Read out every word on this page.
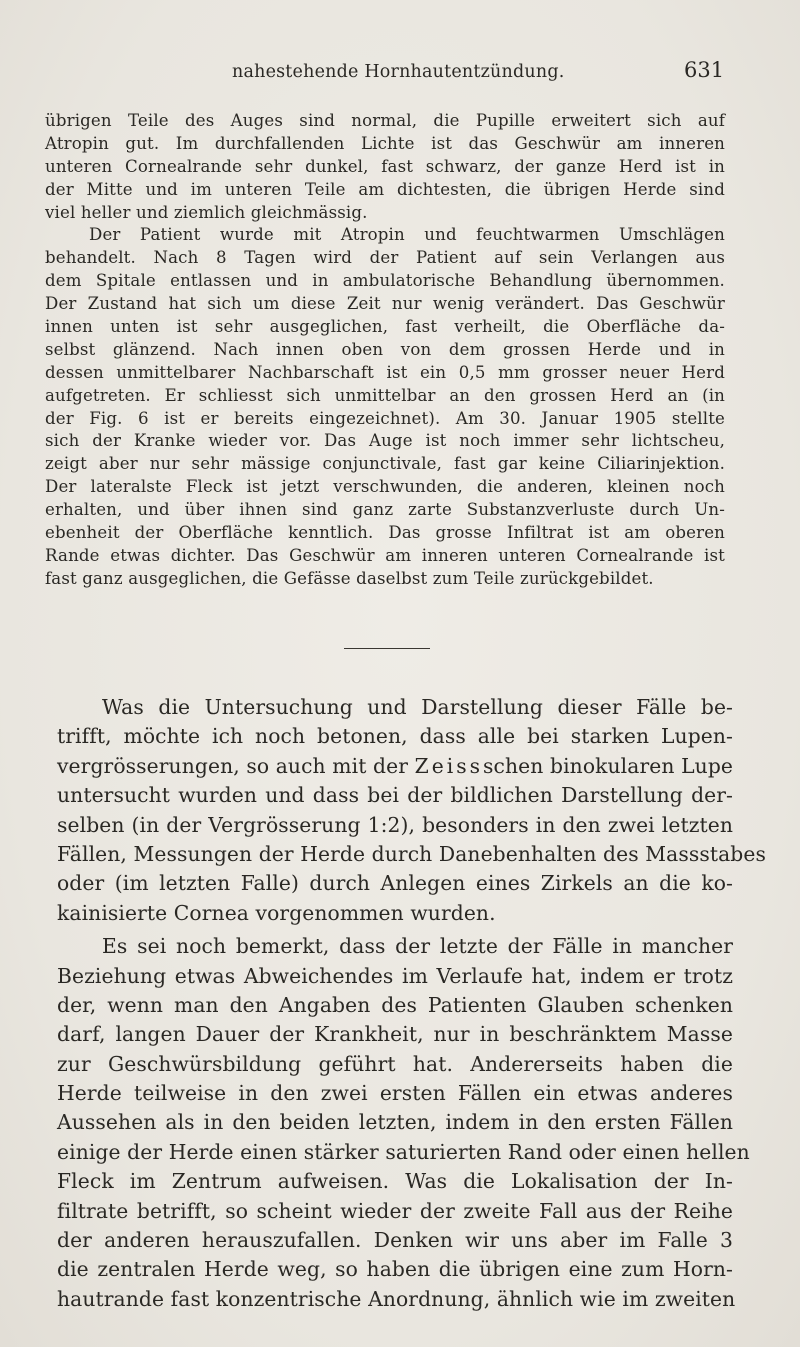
nahestehende Hornhautentzündung.	631
übrigen Teile des Auges sind normal, die Pupille erweitert sich auf
Atropin gut. Im durchfallenden Lichte ist das Geschwür am inneren
unteren Cornealrande sehr dunkel, fast schwarz, der ganze Herd ist in
der Mitte und im unteren Teile am dichtesten, die übrigen Herde sind
viel heller und ziemlich gleichmässig.
Der Patient wurde mit Atropin und feuchtwarmen Umschlägen
behandelt. Nach 8 Tagen wird der Patient auf sein Verlangen aus
dem Spitale entlassen und in ambulatorische Behandlung übernommen.
Der Zustand hat sich um diese Zeit nur wenig verändert. Das Geschwür
innen unten ist sehr ausgeglichen, fast verheilt, die Oberfläche da-
selbst glänzend. Nach innen oben von dem grossen Herde und in
dessen unmittelbarer Nachbarschaft ist ein 0,5 mm grosser neuer Herd
aufgetreten. Er schliesst sich unmittelbar an den grossen Herd an (in
der Fig. 6 ist er bereits eingezeichnet). Am 30. Januar 1905 stellte
sich der Kranke wieder vor. Das Auge ist noch immer sehr lichtscheu,
zeigt aber nur sehr mässige conjunctivale, fast gar keine Ciliarinjektion.
Der lateralste Fleck ist jetzt verschwunden, die anderen, kleinen noch
erhalten, und über ihnen sind ganz zarte Substanzverluste durch Un-
ebenheit der Oberfläche kenntlich. Das grosse Infiltrat ist am oberen
Rande etwas dichter. Das Geschwür am inneren unteren Cornealrande ist
fast ganz ausgeglichen, die Gefässe daselbst zum Teile zurückgebildet.
Was die Untersuchung und Darstellung dieser Fälle be-
trifft, möchte ich noch betonen, dass alle bei starken Lupen-
vergrösserungen, so auch mit der Zeissschen binokularen Lupe
untersucht wurden und dass bei der bildlichen Darstellung der-
selben (in der Vergrösserung 1:2), besonders in den zwei letzten
Fällen, Messungen der Herde durch Danebenhalten des Massstabes
oder (im letzten Falle) durch Anlegen eines Zirkels an die ko-
kainisierte Cornea vorgenommen wurden.
Es sei noch bemerkt, dass der letzte der Fälle in mancher
Beziehung etwas Abweichendes im Verlaufe hat, indem er trotz
der, wenn man den Angaben des Patienten Glauben schenken
darf, langen Dauer der Krankheit, nur in beschränktem Masse
zur Geschwürsbildung geführt hat. Andererseits haben die
Herde teilweise in den zwei ersten Fällen ein etwas anderes
Aussehen als in den beiden letzten, indem in den ersten Fällen
einige der Herde einen stärker saturierten Rand oder einen hellen
Fleck im Zentrum aufweisen. Was die Lokalisation der In-
filtrate betrifft, so scheint wieder der zweite Fall aus der Reihe
der anderen herauszufallen. Denken wir uns aber im Falle 3
die zentralen Herde weg, so haben die übrigen eine zum Horn-
hautrande fast konzentrische Anordnung, ähnlich wie im zweiten
